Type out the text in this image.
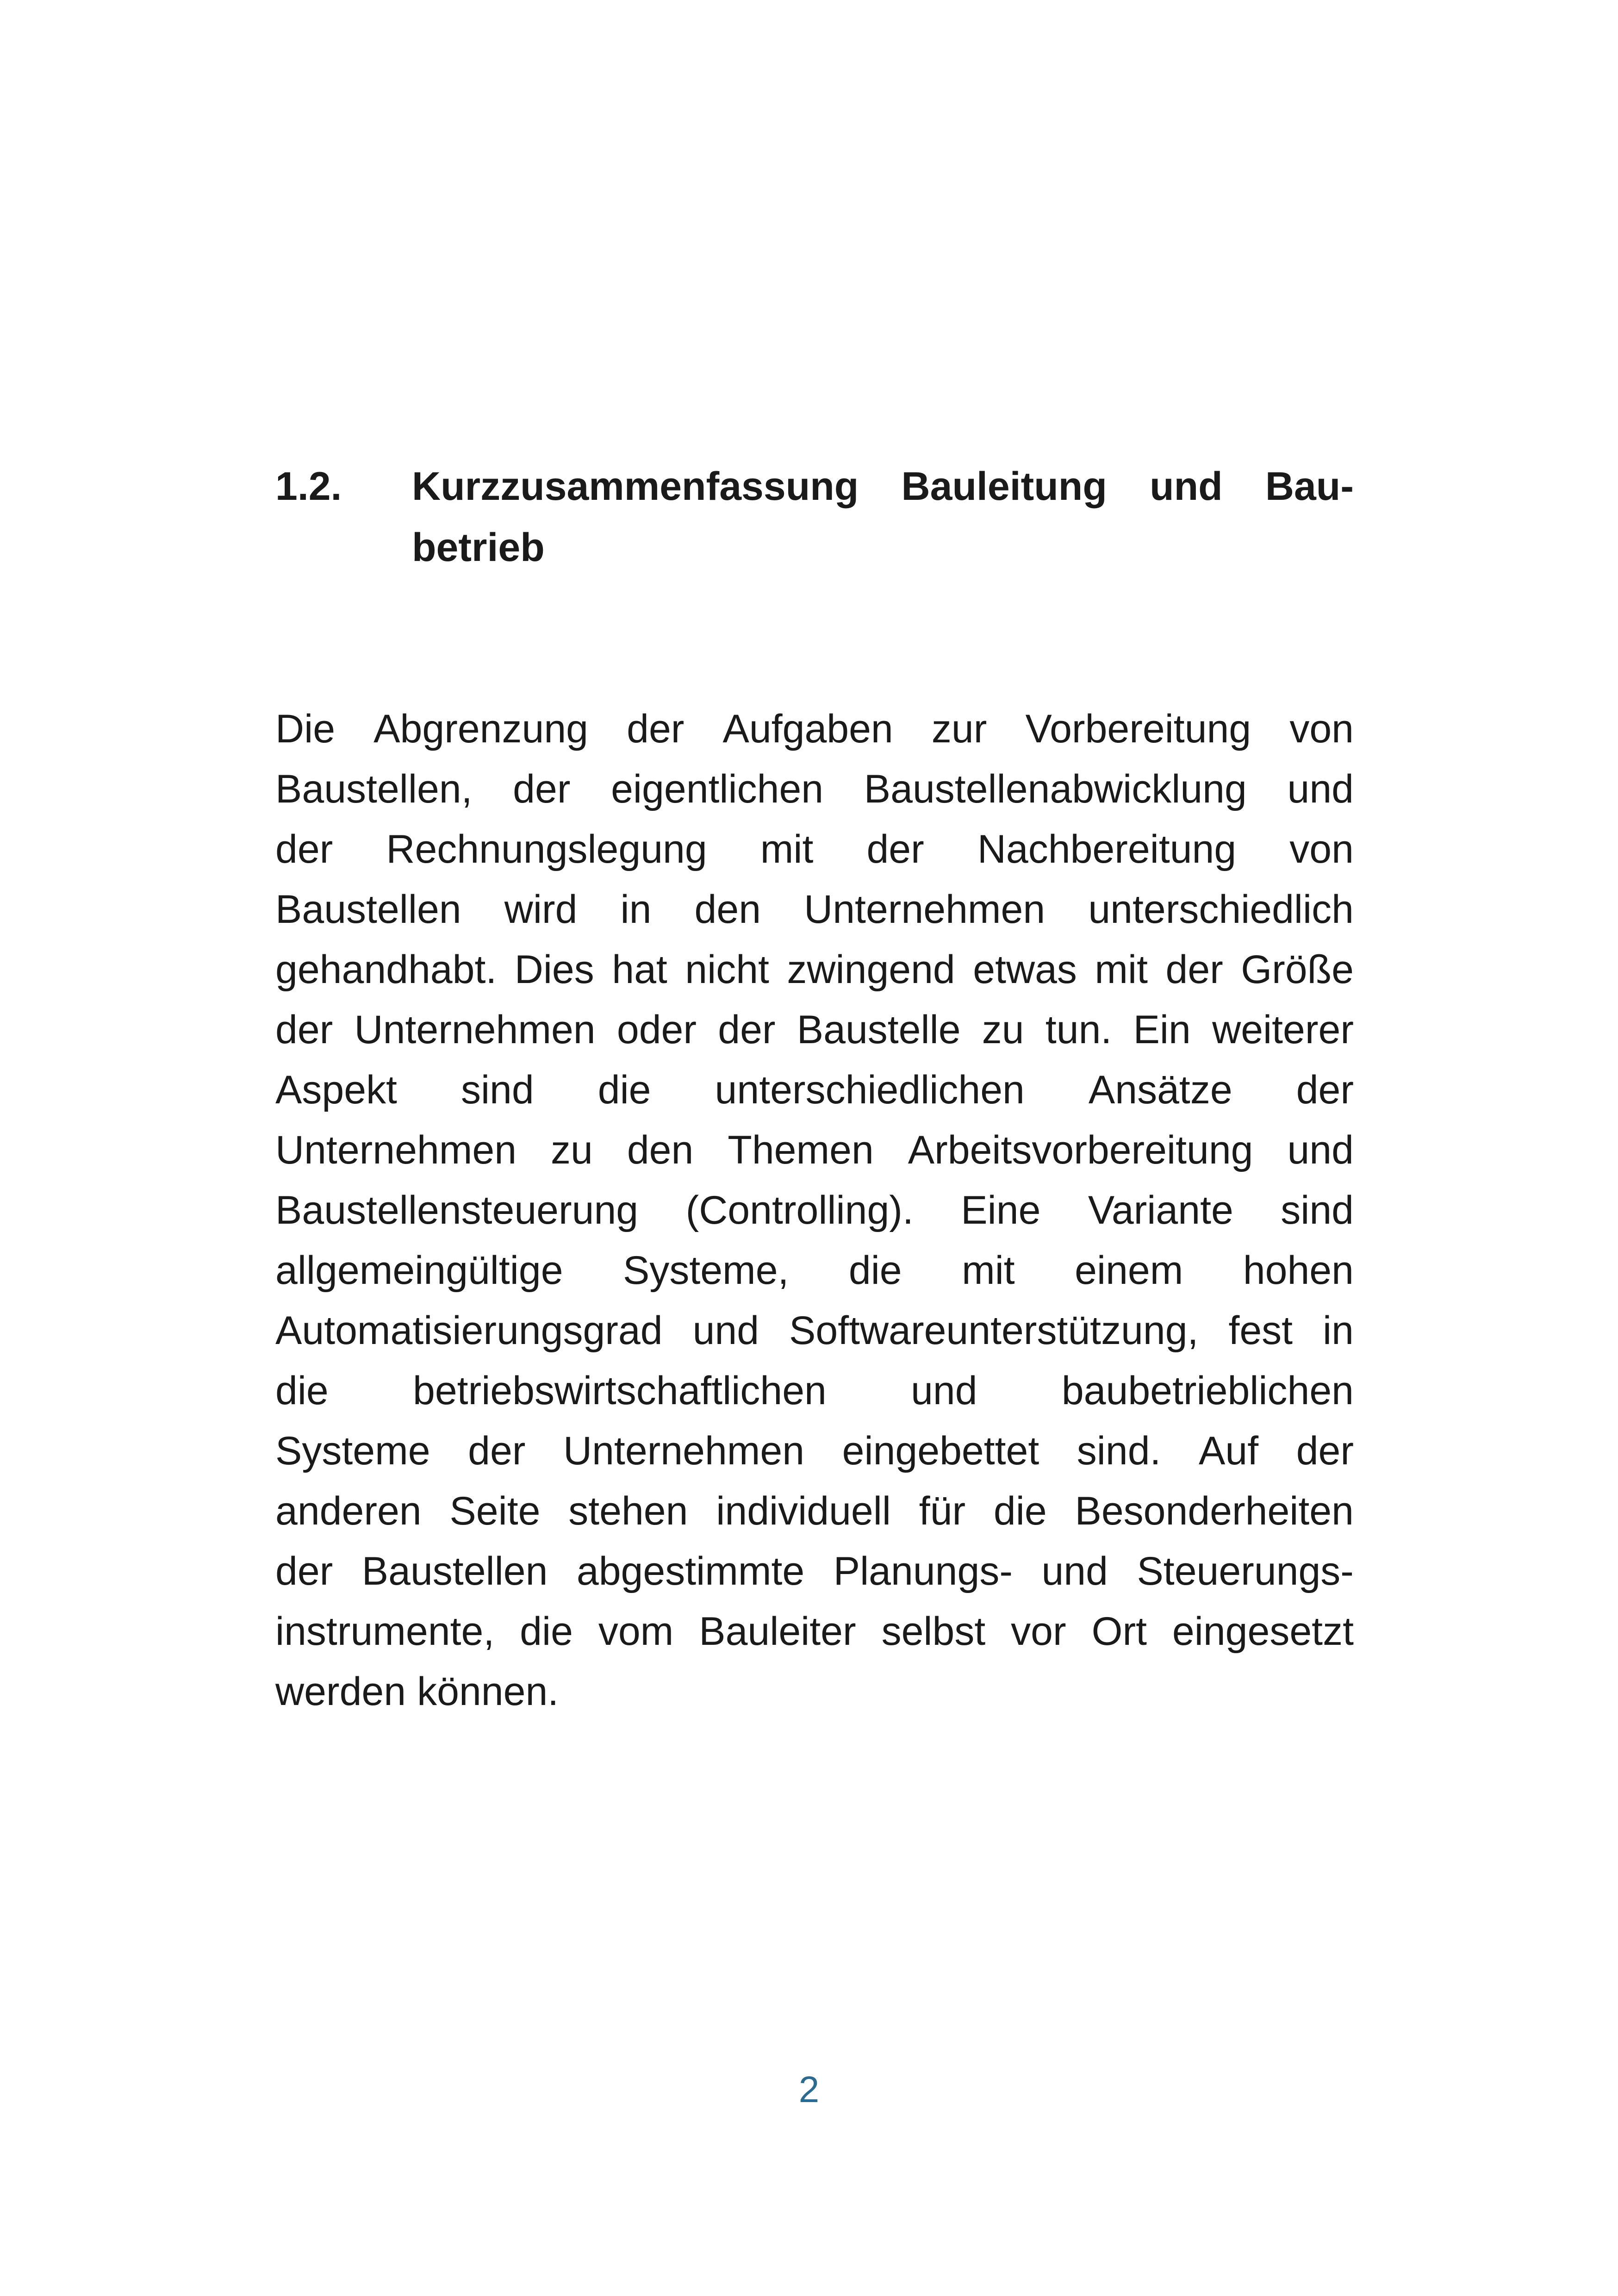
1.2.	Kurzzusammenfassung Bauleitung und Bau-
betrieb
Die Abgrenzung der Aufgaben zur Vorbereitung von
Baustellen, der eigentlichen Baustellenabwicklung und
der Rechnungslegung mit der Nachbereitung von
Baustellen wird in den Unternehmen unterschiedlich
gehandhabt. Dies hat nicht zwingend etwas mit der Größe
der Unternehmen oder der Baustelle zu tun. Ein weiterer
Aspekt sind die unterschiedlichen Ansätze der
Unternehmen zu den Themen Arbeitsvorbereitung und
Baustellensteuerung (Controlling). Eine Variante sind
allgemeingültige Systeme, die mit einem hohen
Automatisierungsgrad und Softwareunterstützung, fest in
die betriebswirtschaftlichen und baubetrieblichen
Systeme der Unternehmen eingebettet sind. Auf der
anderen Seite stehen individuell für die Besonderheiten
der Baustellen abgestimmte Planungs- und Steuerungs-
instrumente, die vom Bauleiter selbst vor Ort eingesetzt
werden können.
2
